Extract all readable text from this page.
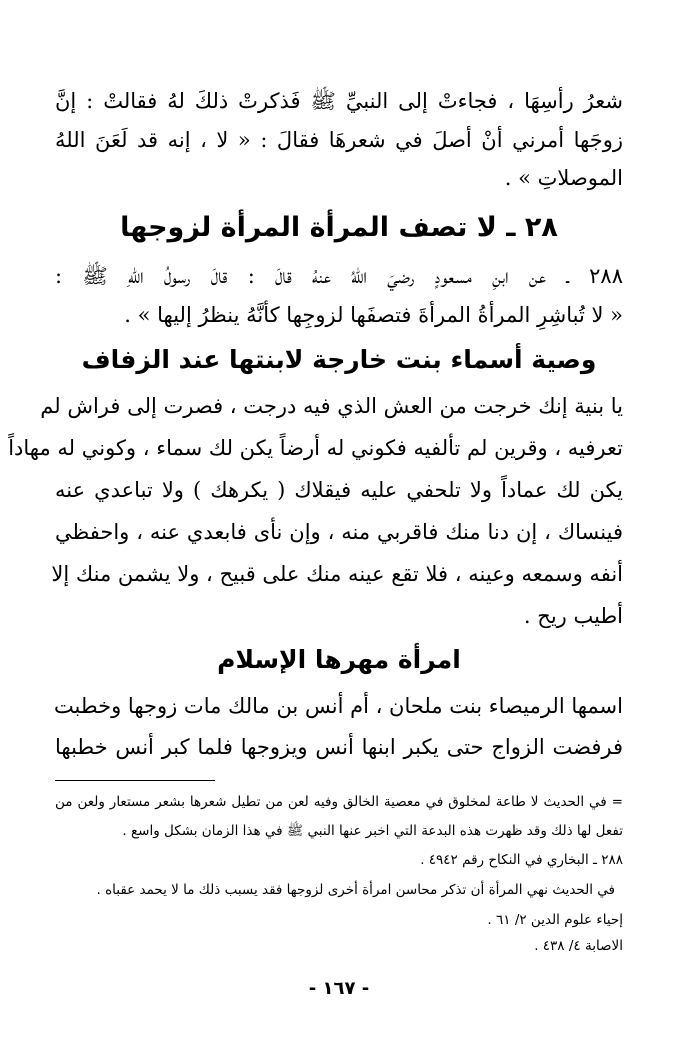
شعرُ رأسِهَا ، فجاءتْ إلى النبيِّ ﷺ فَذكرتْ ذلكَ لهُ فقالتْ : إنَّ
زوجَها أمرني أنْ أصلَ في شعرهَا فقالَ : « لا ، إنه قد لَعَنَ اللهُ
الموصلاتِ » .
٢٨ ـ لا تصف المرأة المرأة لزوجها
٢٨٨ ـ عن ابنِ مسعودٍ رضيَ اللهُ عنهُ قالَ : قالَ رسولُ اللهِ ﷺ :
« لا تُباشِرِ المرأةُ المرأةَ فتصفَها لزوجِها كأنَّهُ ينظرُ إليها » .
وصية أسماء بنت خارجة لابنتها عند الزفاف
يا بنية إنك خرجت من العش الذي فيه درجت ، فصرت إلى فراش لم
تعرفيه ، وقرين لم تألفيه فكوني له أرضاً يكن لك سماء ، وكوني له مهاداً
يكن لك عماداً ولا تلحفي عليه فيقلاك ( يكرهك ) ولا تباعدي عنه
فينساك ، إن دنا منك فاقربي منه ، وإن نأى فابعدي عنه ، واحفظي
أنفه وسمعه وعينه ، فلا تقع عينه منك على قبيح ، ولا يشمن منك إلا
أطيب ريح .
امرأة مهرها الإسلام
اسمها الرميصاء بنت ملحان ، أم أنس بن مالك مات زوجها وخطبت
فرفضت الزواج حتى يكبر ابنها أنس ويزوجها فلما كبر أنس خطبها
= في الحديث لا طاعة لمخلوق في معصية الخالق وفيه لعن من تطيل شعرها بشعر مستعار ولعن من
تفعل لها ذلك وقد ظهرت هذه البدعة التي اخبر عنها النبي ﷺ في هذا الزمان بشكل واسع .
٢٨٨ ـ البخاري في النكاح رقم ٤٩٤٢ .
في الحديث نهي المرأة أن تذكر محاسن امرأة أخرى لزوجها فقد يسبب ذلك ما لا يحمد عقباه .
إحياء علوم الدين ٢/ ٦١ .
الاصابة ٤/ ٤٣٨ .
- ١٦٧ -
